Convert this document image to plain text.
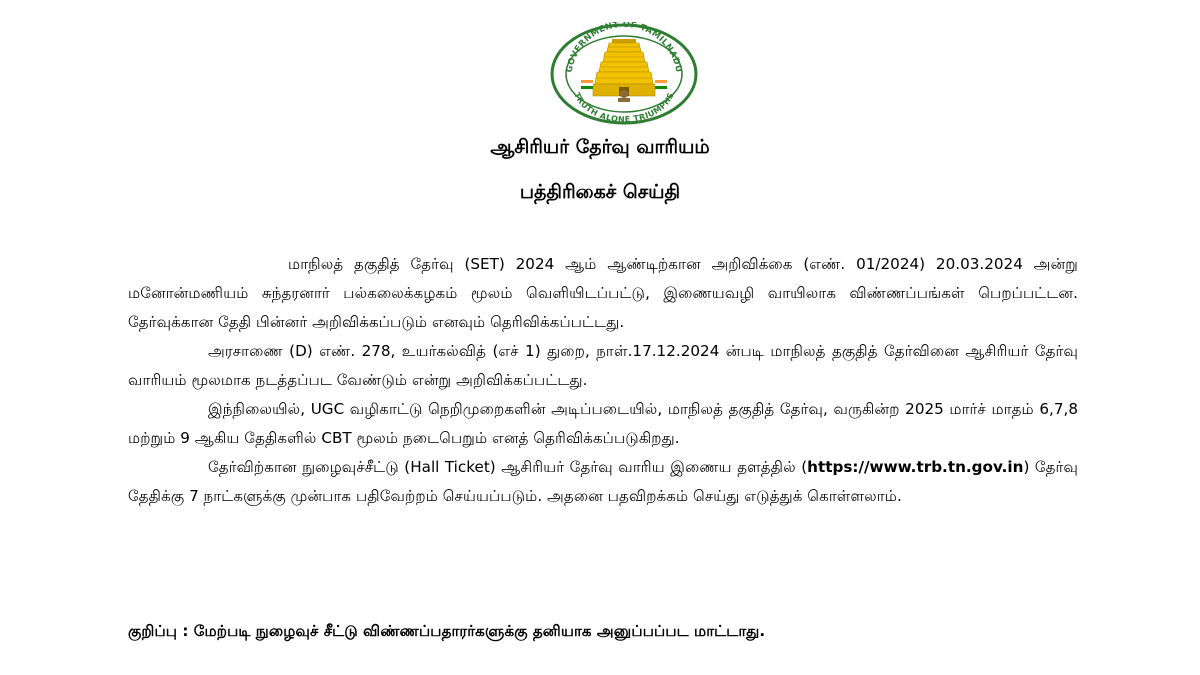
GOVERNMENT OF TAMILNADU
TRUTH ALONE TRIUMPHS
ஆசிரியர் தேர்வு வாரியம்
பத்திரிகைச் செய்தி

மாநிலத் தகுதித் தேர்வு (SET) 2024 ஆம் ஆண்டிற்கான அறிவிக்கை (எண். 01/2024) 20.03.2024 அன்று மனோன்மணியம் சுந்தரனார் பல்கலைக்கழகம் மூலம் வெளியிடப்பட்டு, இணையவழி வாயிலாக விண்ணப்பங்கள் பெறப்பட்டன. தேர்வுக்கான தேதி பின்னர் அறிவிக்கப்படும் எனவும் தெரிவிக்கப்பட்டது.

அரசாணை (D) எண். 278, உயர்கல்வித் (எச் 1) துறை, நாள்.17.12.2024 ன்படி மாநிலத் தகுதித் தேர்வினை ஆசிரியர் தேர்வு வாரியம் மூலமாக நடத்தப்பட வேண்டும் என்று அறிவிக்கப்பட்டது.

இந்நிலையில், UGC வழிகாட்டு நெறிமுறைகளின் அடிப்படையில், மாநிலத் தகுதித் தேர்வு, வருகின்ற 2025 மார்ச் மாதம் 6,7,8 மற்றும் 9 ஆகிய தேதிகளில் CBT மூலம் நடைபெறும் எனத் தெரிவிக்கப்படுகிறது.

தேர்விற்கான நுழைவுச்சீட்டு (Hall Ticket) ஆசிரியர் தேர்வு வாரிய இணைய தளத்தில் (https://www.trb.tn.gov.in) தேர்வு தேதிக்கு 7 நாட்களுக்கு முன்பாக பதிவேற்றம் செய்யப்படும். அதனை பதவிறக்கம் செய்து எடுத்துக் கொள்ளலாம்.

குறிப்பு : மேற்படி நுழைவுச் சீட்டு விண்ணப்பதாரர்களுக்கு தனியாக அனுப்பப்பட மாட்டாது.
